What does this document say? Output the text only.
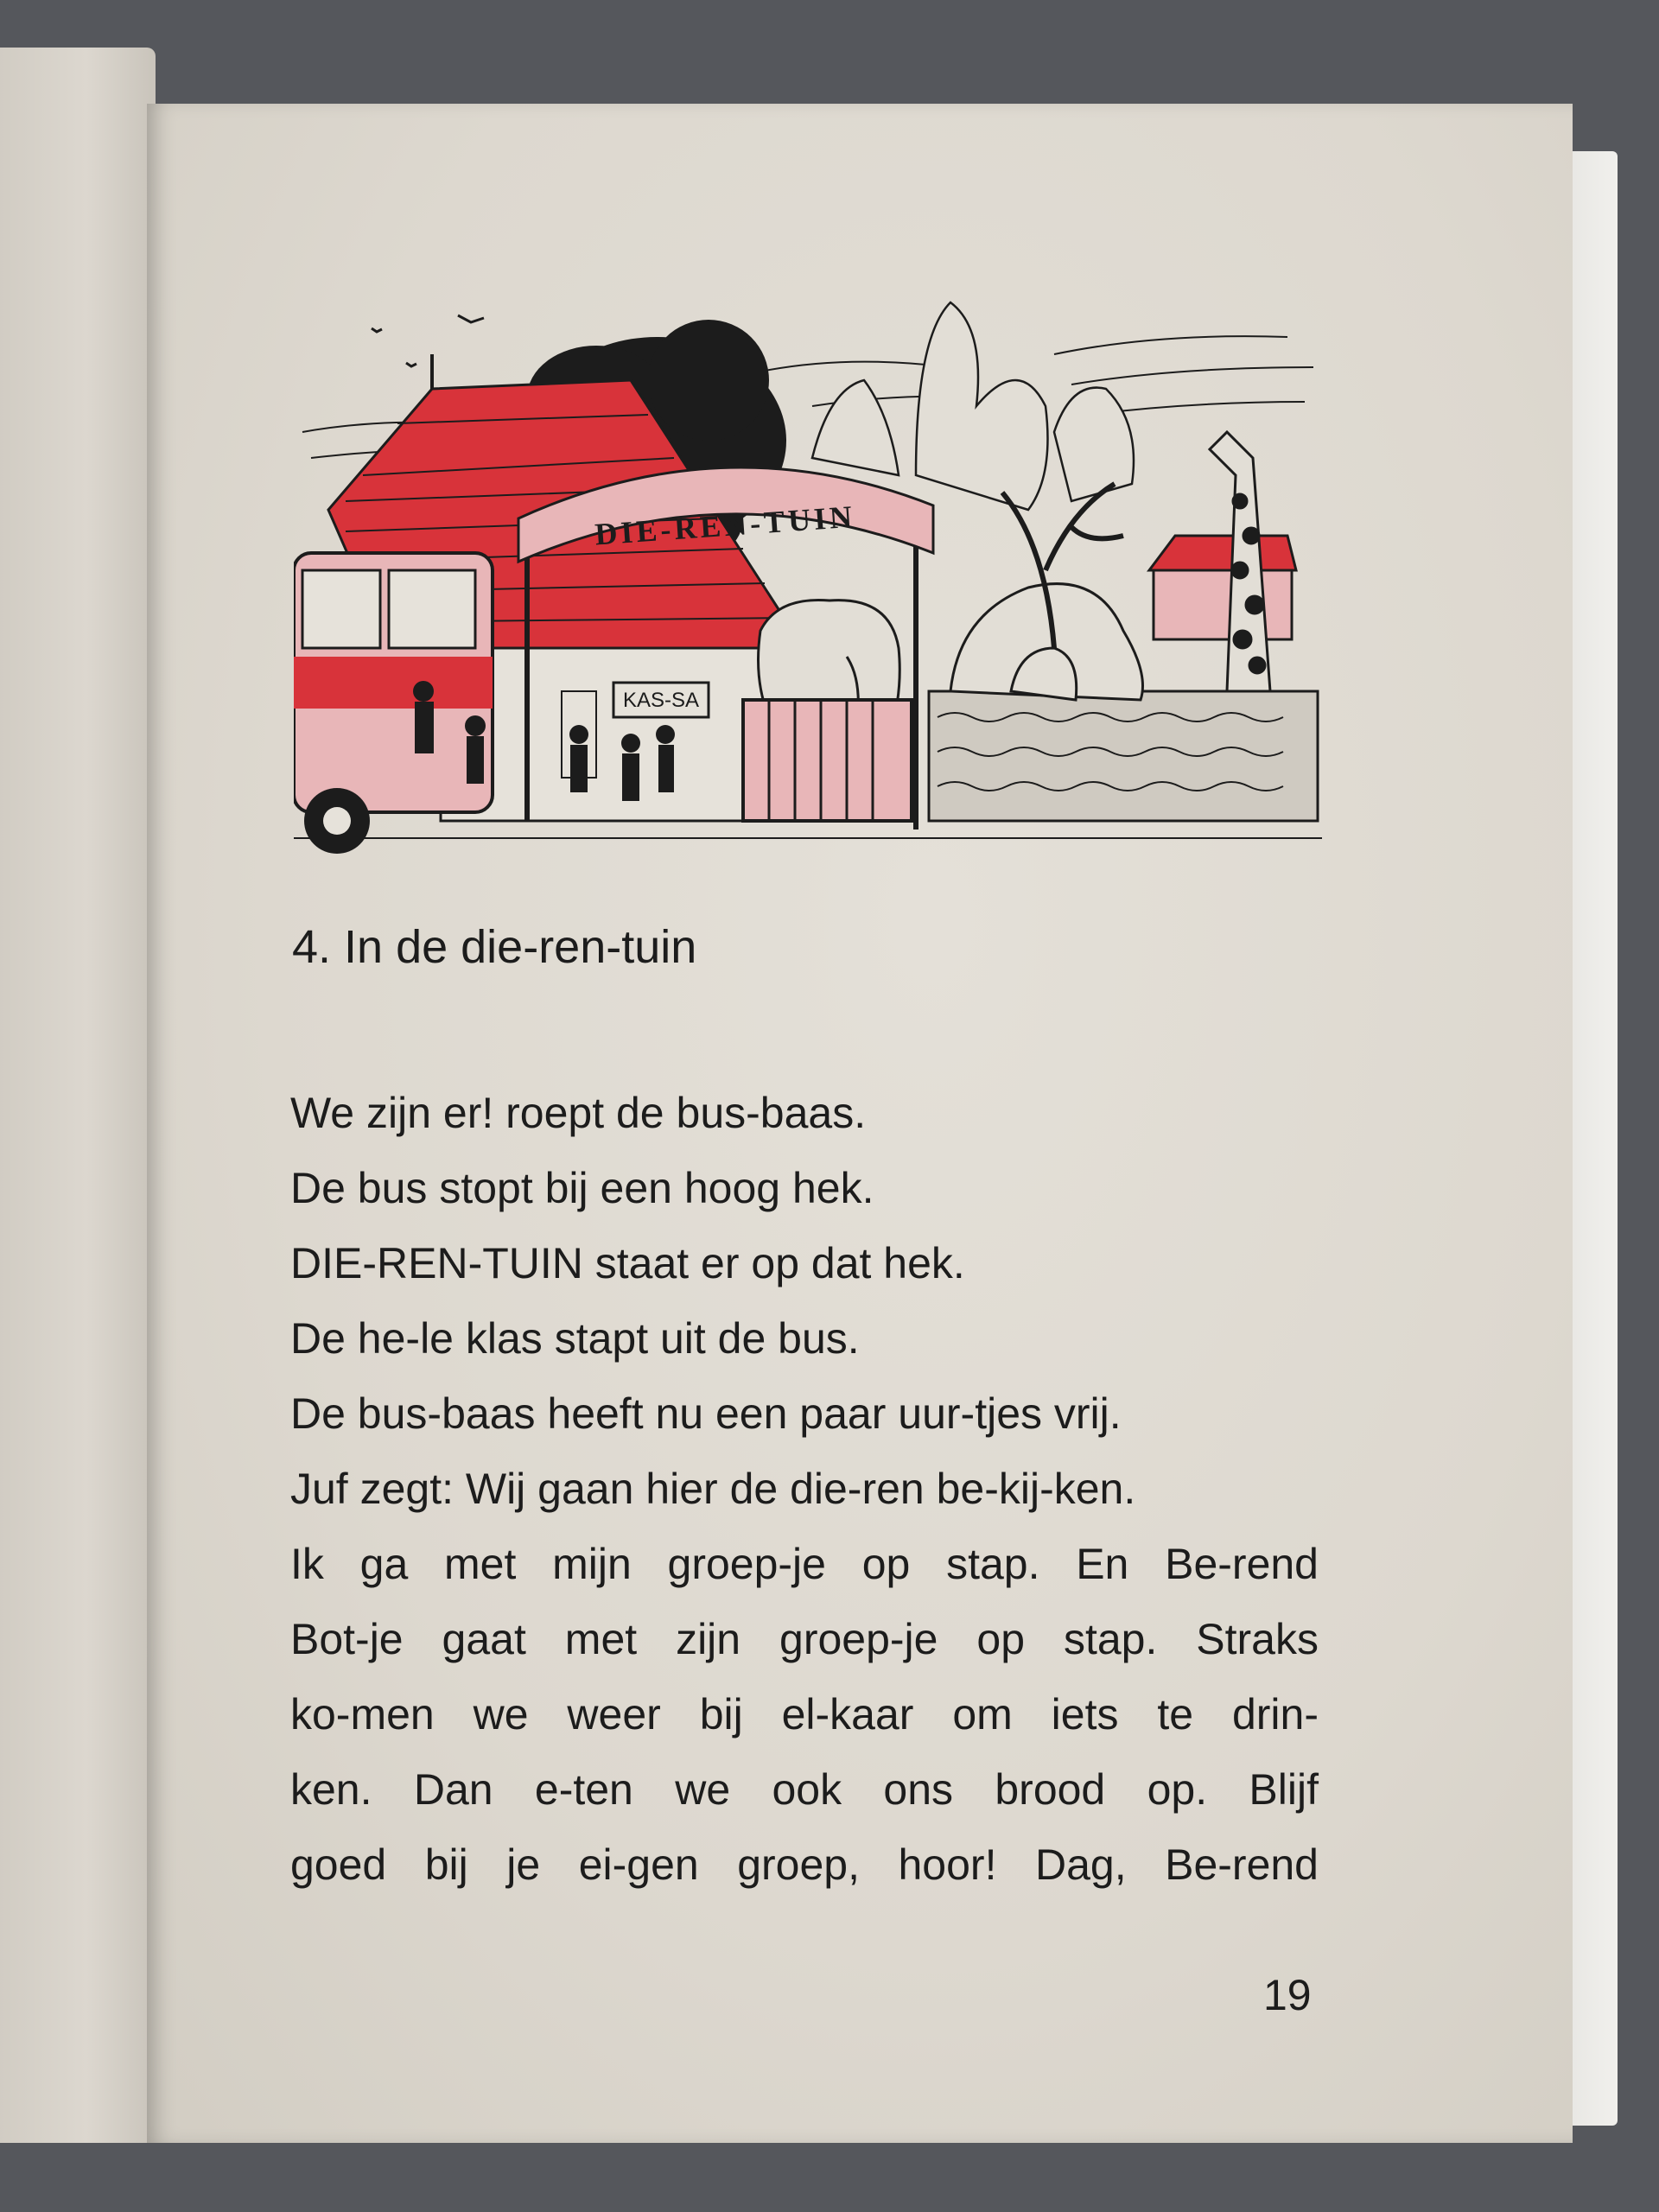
KAS-SA
DIE-REN-TUIN
4. In de die-ren-tuin
We zijn er! roept de bus-baas.
De bus stopt bij een hoog hek.
DIE-REN-TUIN staat er op dat hek.
De he-le klas stapt uit de bus.
De bus-baas heeft nu een paar uur-tjes vrij.
Juf zegt: Wij gaan hier de die-ren be-kij-ken.
Ik ga met mijn groep-je op stap. En Be-rend
Bot-je gaat met zijn groep-je op stap. Straks
ko-men we weer bij el-kaar om iets te drin-
ken. Dan e-ten we ook ons brood op. Blijf
goed bij je ei-gen groep, hoor! Dag, Be-rend
19
